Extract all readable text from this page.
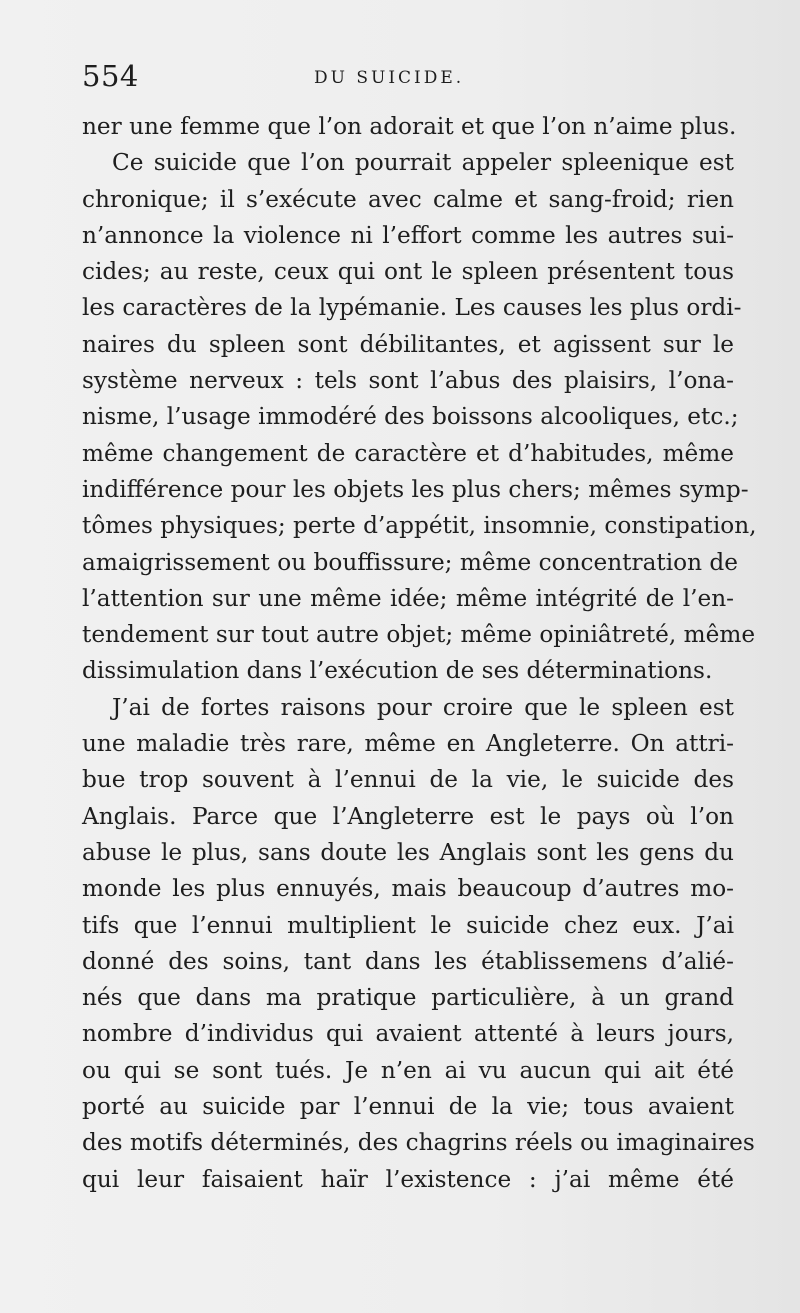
554	DU SUICIDE.
ner une femme que l’on adorait et que l’on n’aime plus.
Ce suicide que l’on pourrait appeler spleenique est
chronique; il s’exécute avec calme et sang-froid; rien
n’annonce la violence ni l’effort comme les autres sui-
cides; au reste, ceux qui ont le spleen présentent tous
les caractères de la lypémanie. Les causes les plus ordi-
naires du spleen sont débilitantes, et agissent sur le
système nerveux : tels sont l’abus des plaisirs, l’ona-
nisme, l’usage immodéré des boissons alcooliques, etc.;
même changement de caractère et d’habitudes, même
indifférence pour les objets les plus chers; mêmes symp-
tômes physiques; perte d’appétit, insomnie, constipation,
amaigrissement ou bouffissure; même concentration de
l’attention sur une même idée; même intégrité de l’en-
tendement sur tout autre objet; même opiniâtreté, même
dissimulation dans l’exécution de ses déterminations.
J’ai de fortes raisons pour croire que le spleen est
une maladie très rare, même en Angleterre. On attri-
bue trop souvent à l’ennui de la vie, le suicide des
Anglais. Parce que l’Angleterre est le pays où l’on
abuse le plus, sans doute les Anglais sont les gens du
monde les plus ennuyés, mais beaucoup d’autres mo-
tifs que l’ennui multiplient le suicide chez eux. J’ai
donné des soins, tant dans les établissemens d’alié-
nés que dans ma pratique particulière, à un grand
nombre d’individus qui avaient attenté à leurs jours,
ou qui se sont tués. Je n’en ai vu aucun qui ait été
porté au suicide par l’ennui de la vie; tous avaient
des motifs déterminés, des chagrins réels ou imaginaires
qui leur faisaient haïr l’existence : j’ai même été
